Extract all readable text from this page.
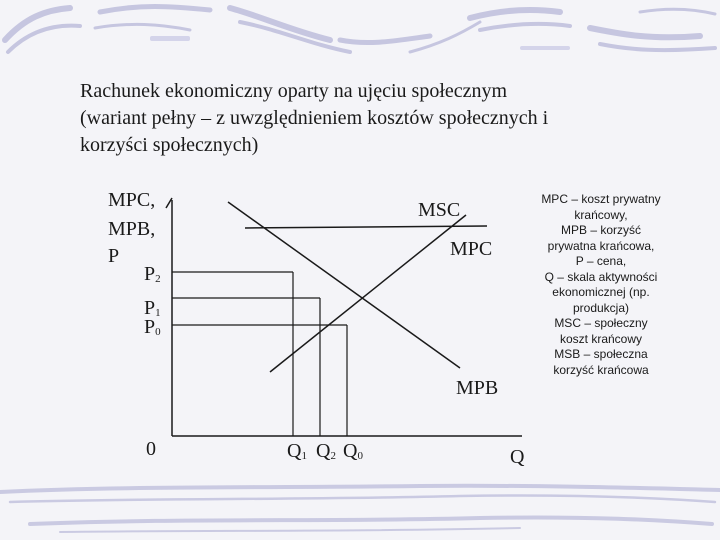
Rachunek ekonomiczny oparty na ujęciu społecznym
(wariant pełny – z uwzględnieniem kosztów społecznych i
korzyści społecznych)
MPC,
MPB,
P
$P_2$
$P_1$
$P_0$
0	$Q_1$ $Q_2$ $Q_0$	Q
MSC
MPC
MPB
MPC – koszt prywatny
krańcowy,
MPB – korzyść
prywatna krańcowa,
P – cena,
Q – skala aktywności
ekonomicznej (np.
produkcja)
MSC – społeczny
koszt krańcowy
MSB – społeczna
korzyść krańcowa
